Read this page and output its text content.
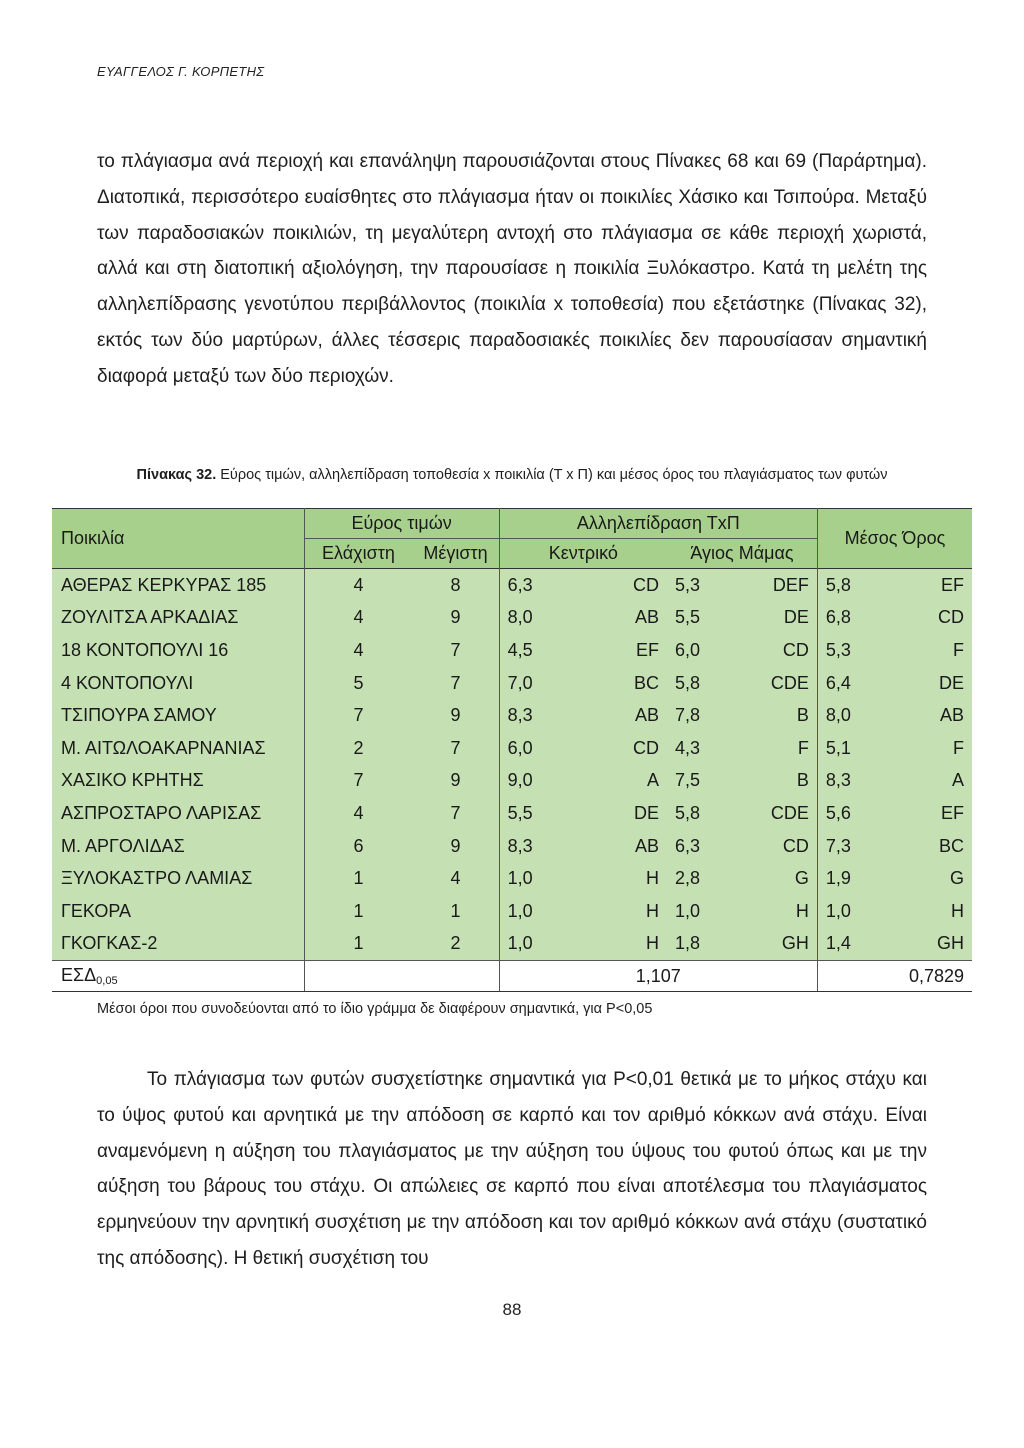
ΕΥΑΓΓΕΛΟΣ Γ. ΚΟΡΠΕΤΗΣ
το πλάγιασμα ανά περιοχή και επανάληψη παρουσιάζονται στους Πίνακες 68 και 69 (Παράρτημα). Διατοπικά, περισσότερο ευαίσθητες στο πλάγιασμα ήταν οι ποικιλίες Χάσικο και Τσιπούρα. Μεταξύ των παραδοσιακών ποικιλιών, τη μεγαλύτερη αντοχή στο πλάγιασμα σε κάθε περιοχή χωριστά, αλλά και στη διατοπική αξιολόγηση, την παρουσίασε η ποικιλία Ξυλόκαστρο. Κατά τη μελέτη της αλληλεπίδρασης γενοτύπου περιβάλλοντος (ποικιλία x τοποθεσία) που εξετάστηκε (Πίνακας 32), εκτός των δύο μαρτύρων, άλλες τέσσερις παραδοσιακές ποικιλίες δεν παρουσίασαν σημαντική διαφορά μεταξύ των δύο περιοχών.
Πίνακας 32. Εύρος τιμών, αλληλεπίδραση τοποθεσία x ποικιλία (Τ x Π) και μέσος όρος του πλαγιάσματος των φυτών
Ποικιλία	Εύρος τιμών		Αλληλεπίδραση ΤxΠ		Μέσος Όρος
	Ελάχιστη	Μέγιστη	Κεντρικό	Άγιος Μάμας	
ΑΘΕΡΑΣ ΚΕΡΚΥΡΑΣ 185	4	8	6,3 CD	5,3 DEF	5,8 EF

ΖΟΥΛΙΤΣΑ ΑΡΚΑΔΙΑΣ	4	9	8,0 AB	5,5 DE	6,8 CD

18 ΚΟΝΤΟΠΟΥΛΙ 16	4	7	4,5 EF	6,0 CD	5,3 F

4 ΚΟΝΤΟΠΟΥΛΙ	5	7	7,0 BC	5,8 CDE	6,4 DE

ΤΣΙΠΟΥΡΑ ΣΑΜΟΥ	7	9	8,3 AB	7,8 B	8,0 AB

Μ. ΑΙΤΩΛΟΑΚΑΡΝΑΝΙΑΣ	2	7	6,0 CD	4,3 F	5,1 F

ΧΑΣΙΚΟ ΚΡΗΤΗΣ	7	9	9,0 A	7,5 B	8,3 A

ΑΣΠΡΟΣΤΑΡΟ ΛΑΡΙΣΑΣ	4	7	5,5 DE	5,8 CDE	5,6 EF

Μ. ΑΡΓΟΛΙΔΑΣ	6	9	8,3 AB	6,3 CD	7,3 BC

ΞΥΛΟΚΑΣΤΡΟ ΛΑΜΙΑΣ	1	4	1,0 H	2,8 G	1,9 G

ΓΕΚΟΡΑ	1	1	1,0 H	1,0 H	1,0 H

ΓΚΟΓΚΑΣ-2	1	2	1,0 H	1,8 GH	1,4 GH

$E\Sigma\Delta_{0,05}$			1,107		0,7829
Μέσοι όροι που συνοδεύονται από το ίδιο γράμμα δε διαφέρουν σημαντικά, για P<0,05
Το πλάγιασμα των φυτών συσχετίστηκε σημαντικά για P<0,01 θετικά με το μήκος στάχυ και το ύψος φυτού και αρνητικά με την απόδοση σε καρπό και τον αριθμό κόκκων ανά στάχυ. Είναι αναμενόμενη η αύξηση του πλαγιάσματος με την αύξηση του ύψους του φυτού όπως και με την αύξηση του βάρους του στάχυ. Οι απώλειες σε καρπό που είναι αποτέλεσμα του πλαγιάσματος ερμηνεύουν την αρνητική συσχέτιση με την απόδοση και τον αριθμό κόκκων ανά στάχυ (συστατικό της απόδοσης). Η θετική συσχέτιση του
88
